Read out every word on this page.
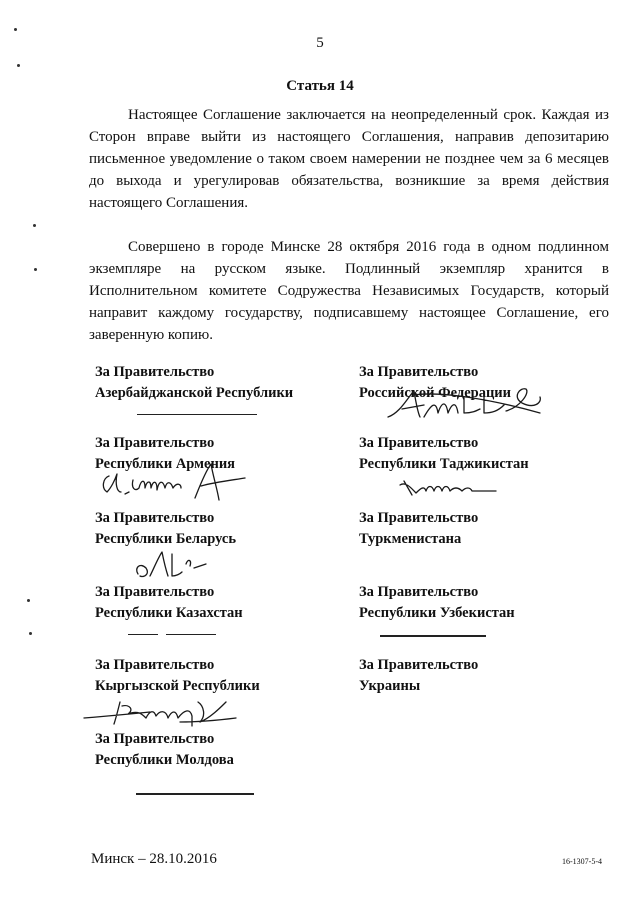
5
Статья 14

Настоящее Соглашение заключается на неопределенный срок. Каждая из Сторон вправе выйти из настоящего Соглашения, направив депозитарию письменное уведомление о таком своем намерении не позднее чем за 6 месяцев до выхода и урегулировав обязательства, возникшие за время действия настоящего Соглашения.

Совершено в городе Минске 28 октября 2016 года в одном подлинном экземпляре на русском языке. Подлинный экземпляр хранится в Исполнительном комитете Содружества Независимых Государств, который направит каждому государству, подписавшему настоящее Соглашение, его заверенную копию.

За Правительство
Азербайджанской Республики
За Правительство
Республики Армения
За Правительство
Республики Беларусь
За Правительство
Республики Казахстан
За Правительство
Кыргызской Республики
За Правительство
Республики Молдова
За Правительство
Российской Федерации
За Правительство
Республики Таджикистан
За Правительство
Туркменистана
За Правительство
Республики Узбекистан
За Правительство
Украины
Минск – 28.10.2016	16-1307-5-4
